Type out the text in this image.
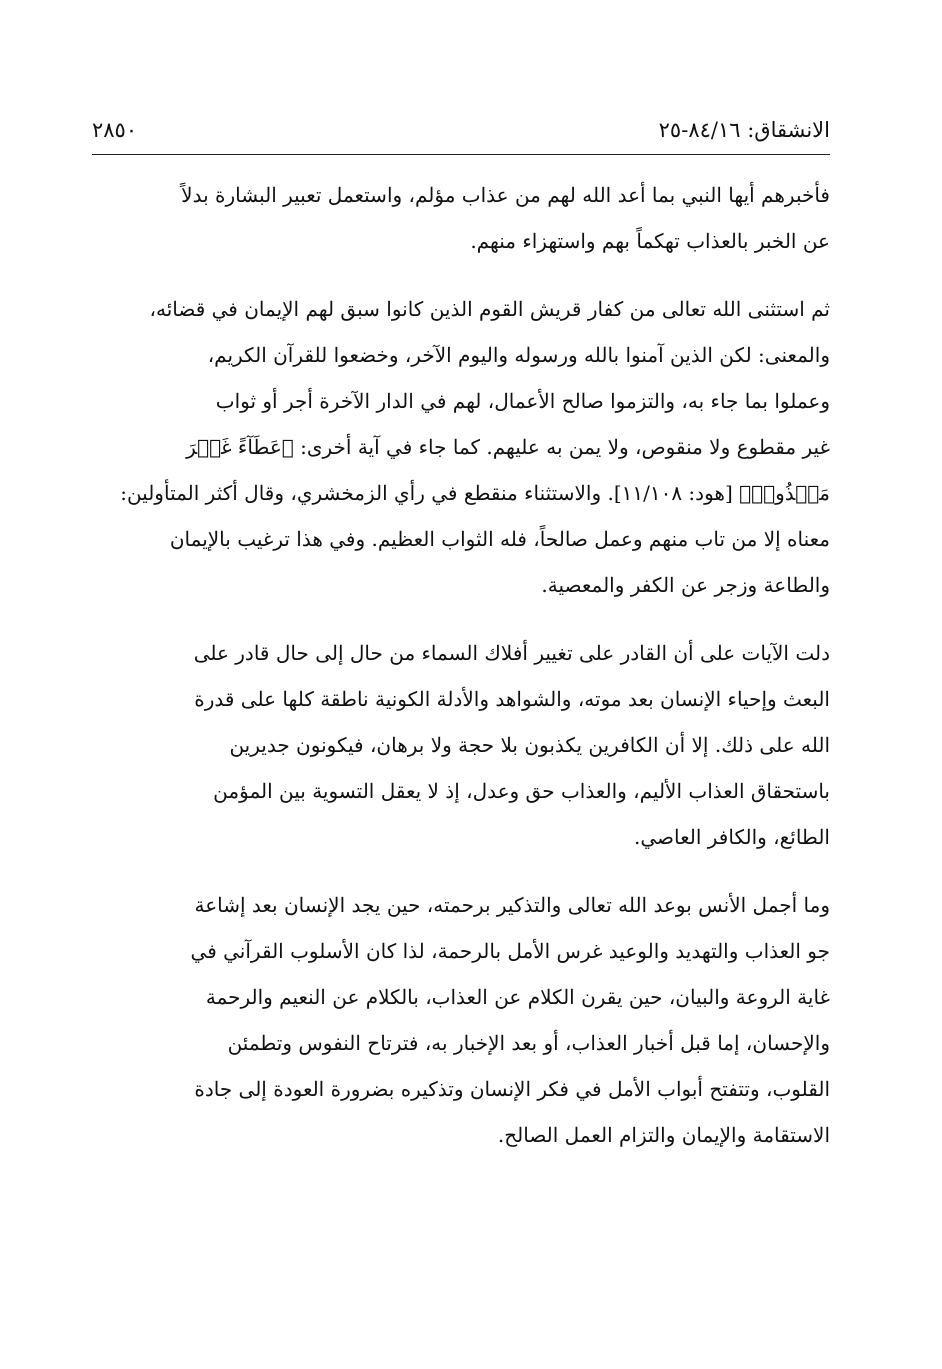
الانشقاق: ٨٤/١٦-٢٥
٢٨٥٠

فأخبرهم أيها النبي بما أعد الله لهم من عذاب مؤلم، واستعمل تعبير البشارة بدلاً
عن الخبر بالعذاب تهكماً بهم واستهزاء منهم.

ثم استثنى الله تعالى من كفار قريش القوم الذين كانوا سبق لهم الإيمان في قضائه،
والمعنى: لكن الذين آمنوا بالله ورسوله واليوم الآخر، وخضعوا للقرآن الكريم،
وعملوا بما جاء به، والتزموا صالح الأعمال، لهم في الدار الآخرة أجر أو ثواب
غير مقطوع ولا منقوص، ولا يمن به عليهم. كما جاء في آية أخرى: ﴿عَطَآءً غَيۡرَ
مَجۡذُوذٖ﴾ [هود: ١١/١٠٨]. والاستثناء منقطع في رأي الزمخشري، وقال أكثر المتأولين:
معناه إلا من تاب منهم وعمل صالحاً، فله الثواب العظيم. وفي هذا ترغيب بالإيمان
والطاعة وزجر عن الكفر والمعصية.

دلت الآيات على أن القادر على تغيير أفلاك السماء من حال إلى حال قادر على
البعث وإحياء الإنسان بعد موته، والشواهد والأدلة الكونية ناطقة كلها على قدرة
الله على ذلك. إلا أن الكافرين يكذبون بلا حجة ولا برهان، فيكونون جديرين
باستحقاق العذاب الأليم، والعذاب حق وعدل، إذ لا يعقل التسوية بين المؤمن
الطائع، والكافر العاصي.

وما أجمل الأنس بوعد الله تعالى والتذكير برحمته، حين يجد الإنسان بعد إشاعة
جو العذاب والتهديد والوعيد غرس الأمل بالرحمة، لذا كان الأسلوب القرآني في
غاية الروعة والبيان، حين يقرن الكلام عن العذاب، بالكلام عن النعيم والرحمة
والإحسان، إما قبل أخبار العذاب، أو بعد الإخبار به، فترتاح النفوس وتطمئن
القلوب، وتتفتح أبواب الأمل في فكر الإنسان وتذكيره بضرورة العودة إلى جادة
الاستقامة والإيمان والتزام العمل الصالح.
